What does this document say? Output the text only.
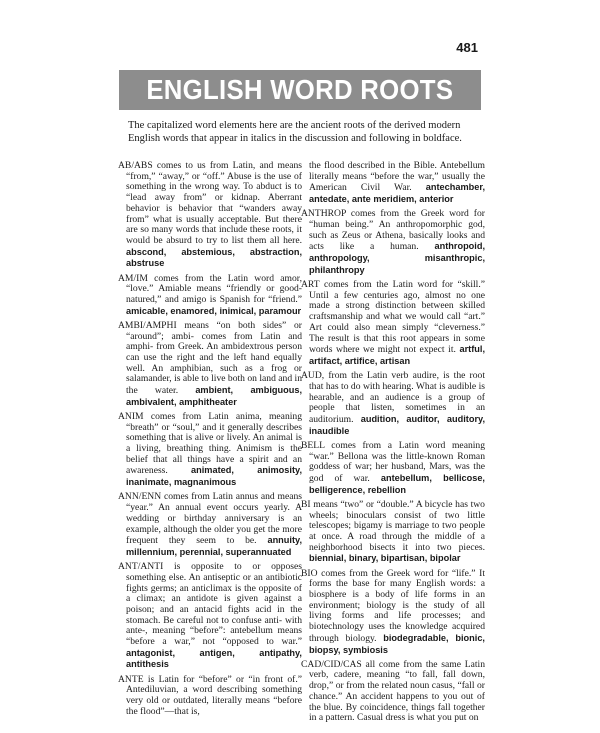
481
ENGLISH WORD ROOTS
The capitalized word elements here are the ancient roots of the derived modern English words that appear in italics in the discussion and following in boldface.

AB/ABS comes to us from Latin, and means “from,” “away,” or “off.” Abuse is the use of something in the wrong way. To abduct is to “lead away from” or kidnap. Aberrant behavior is behavior that “wanders away from” what is usually acceptable. But there are so many words that include these roots, it would be absurd to try to list them all here. abscond, abstemious, abstraction, abstruse

AM/IM comes from the Latin word amor, “love.” Amiable means “friendly or good-natured,” and amigo is Spanish for “friend.” amicable, enamored, inimical, paramour

AMBI/AMPHI means “on both sides” or “around”; ambi- comes from Latin and amphi- from Greek. An ambidextrous person can use the right and the left hand equally well. An amphibian, such as a frog or salamander, is able to live both on land and in the water. ambient, ambiguous, ambivalent, amphitheater

ANIM comes from Latin anima, meaning “breath” or “soul,” and it generally describes something that is alive or lively. An animal is a living, breathing thing. Animism is the belief that all things have a spirit and an awareness.	animated, animosity, inanimate, magnanimous

ANN/ENN comes from Latin annus and means “year.” An annual event occurs yearly. A wedding or birthday anniversary is an example, although the older you get the more frequent they seem to be. annuity, millennium, perennial, superannuated

ANT/ANTI is opposite to or opposes something else. An antiseptic or an antibiotic fights germs; an anticlimax is the opposite of a climax; an antidote is given against a poison; and an antacid fights acid in the stomach. Be careful not to confuse anti- with ante-, meaning “before”: antebellum means “before a war,” not “opposed to war.” antagonist, antigen, antipathy, antithesis

ANTE is Latin for “before” or “in front of.” Antediluvian, a word describing something very old or outdated, literally means “before the flood”—that is,

the flood described in the Bible. Antebellum literally means “before the war,” usually the American Civil War. antechamber, antedate, ante meridiem, anterior

ANTHROP comes from the Greek word for “human being.” An anthropomorphic god, such as Zeus or Athena, basically looks and acts like a human. anthropoid, anthropology, misanthropic, philanthropy

ART comes from the Latin word for “skill.” Until a few centuries ago, almost no one made a strong distinction between skilled craftsmanship and what we would call “art.” Art could also mean simply “cleverness.” The result is that this root appears in some words where we might not expect it. artful, artifact, artifice, artisan

AUD, from the Latin verb audire, is the root that has to do with hearing. What is audible is hearable, and an audience is a group of people that listen, sometimes in an auditorium. audition, auditor, auditory, inaudible

BELL comes from a Latin word meaning “war.” Bellona was the little-known Roman goddess of war; her husband, Mars, was the god of war. antebellum, bellicose, belligerence, rebellion

BI means “two” or “double.” A bicycle has two wheels; binoculars consist of two little telescopes; bigamy is marriage to two people at once. A road through the middle of a neighborhood bisects it into two pieces. biennial, binary, bipartisan, bipolar

BIO comes from the Greek word for “life.” It forms the base for many English words: a biosphere is a body of life forms in an environment; biology is the study of all living forms and life processes; and biotechnology uses the knowledge acquired through biology. biodegradable, bionic, biopsy, symbiosis

CAD/CID/CAS all come from the same Latin verb, cadere, meaning “to fall, fall down, drop,” or from the related noun casus, “fall or chance.” An accident happens to you out of the blue. By coincidence, things fall together in a pattern. Casual dress is what you put on
